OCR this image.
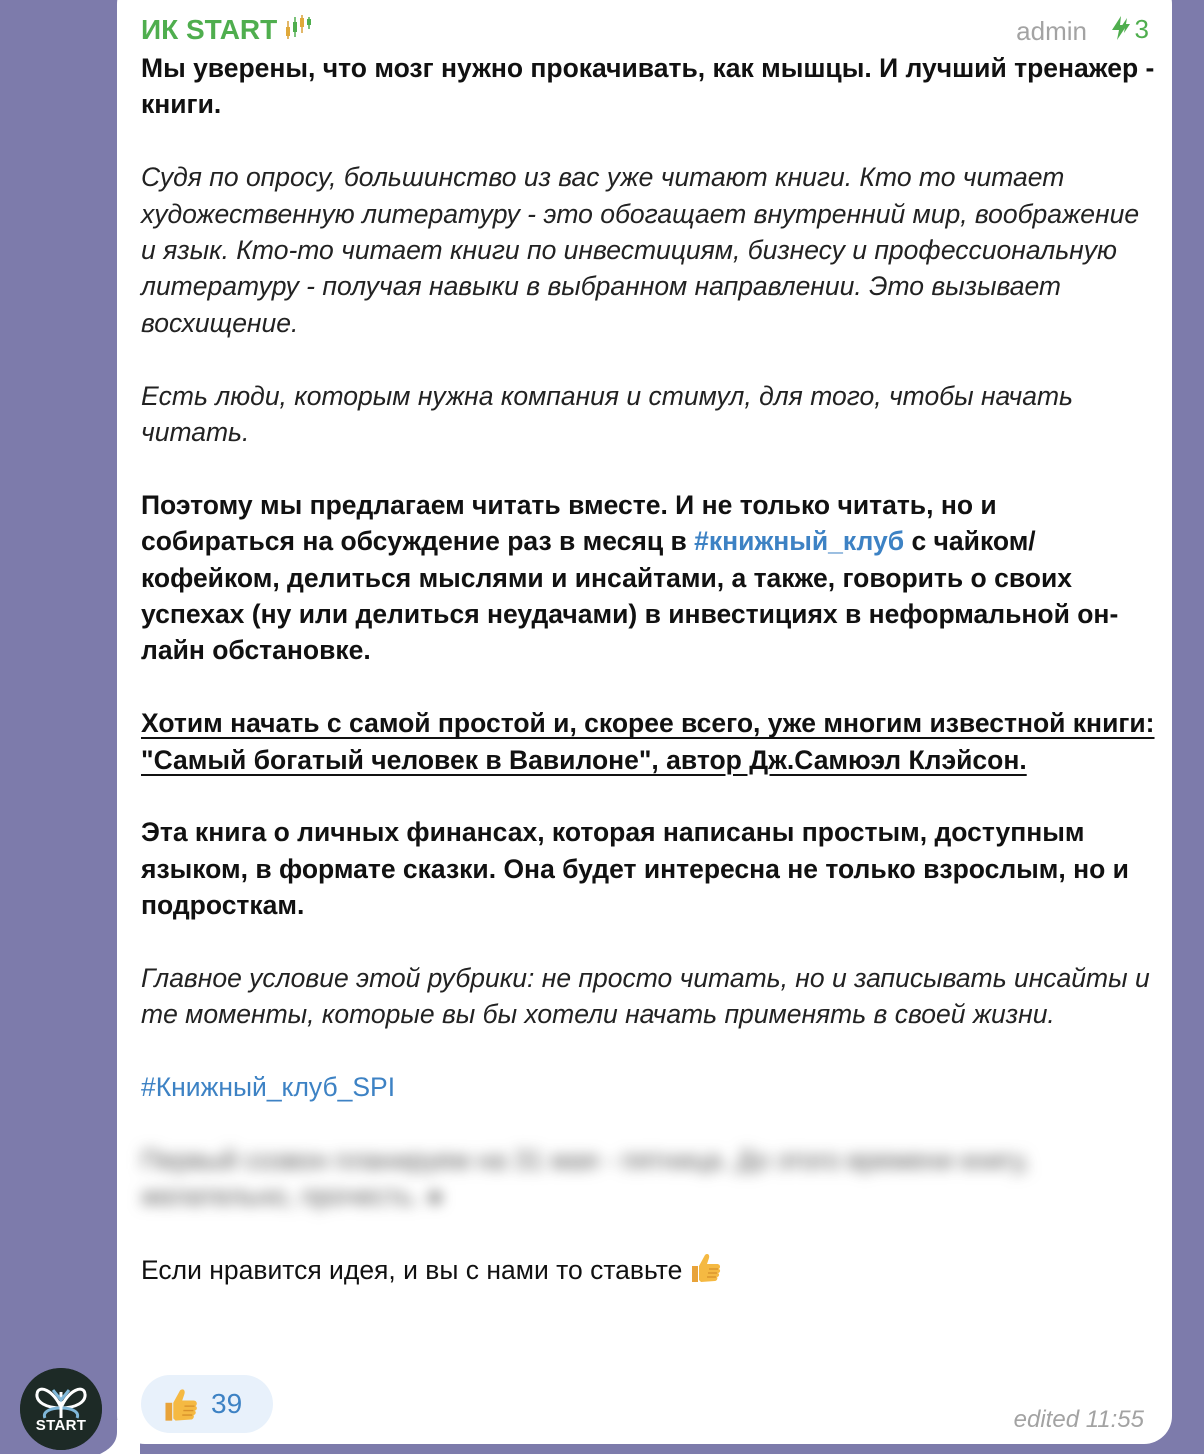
START
ИК START	admin	3

Мы уверены, что мозг нужно прокачивать, как мышцы. И лучший тренажер - книги.

Судя по опросу, большинство из вас уже читают книги. Кто то читает художественную литературу - это обогащает внутренний мир, воображение и язык. Кто-то читает книги по инвестициям, бизнесу и профессиональную литературу - получая навыки в выбранном направлении. Это вызывает восхищение.

Есть люди, которым нужна компания и стимул, для того, чтобы начать читать.

Поэтому мы предлагаем читать вместе. И не только читать, но и собираться на обсуждение раз в месяц в #книжный_клуб с чайком/кофейком, делиться мыслями и инсайтами, а также, говорить о своих успехах (ну или делиться неудачами) в инвестициях в неформальной он-лайн обстановке.

Хотим начать с самой простой и, скорее всего, уже многим известной книги: "Самый богатый человек в Вавилоне", автор Дж.Самюэл Клэйсон.

Эта книга о личных финансах, которая написаны простым, доступным языком, в формате сказки. Она будет интересна не только взрослым, но и подросткам.

Главное условие этой рубрики: не просто читать, но и записывать инсайты и те моменты, которые вы бы хотели начать применять в своей жизни.

#Книжный_клуб_SPI

Первый созвон планируем на 31 мая - пятница. До этого времени книгу, желательно, прочесть. ●

Если нравится идея, и вы с нами то ставьте

39
edited 11:55
